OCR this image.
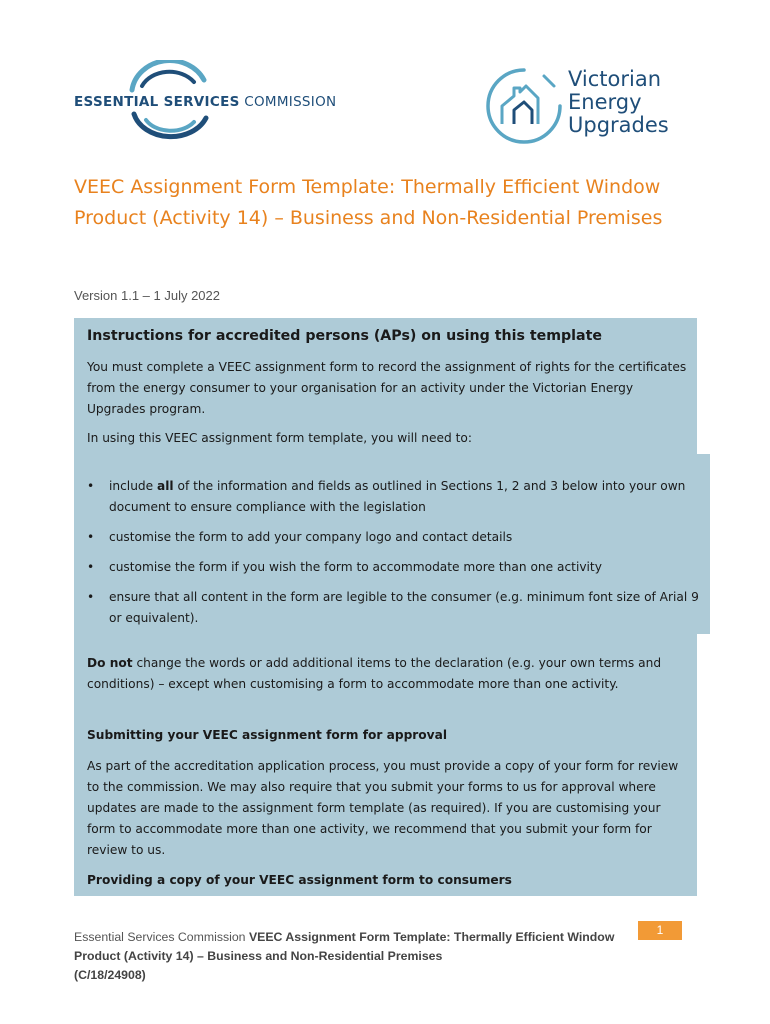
ESSENTIAL SERVICES COMMISSION
Victorian
Energy
Upgrades
VEEC Assignment Form Template: Thermally Efficient Window Product (Activity 14) – Business and Non-Residential Premises
Version 1.1 – 1 July 2022
Instructions for accredited persons (APs) on using this template
You must complete a VEEC assignment form to record the assignment of rights for the certificates from the energy consumer to your organisation for an activity under the Victorian Energy Upgrades program.
In using this VEEC assignment form template, you will need to:
• include all of the information and fields as outlined in Sections 1, 2 and 3 below into your own document to ensure compliance with the legislation
• customise the form to add your company logo and contact details
• customise the form if you wish the form to accommodate more than one activity
• ensure that all content in the form are legible to the consumer (e.g. minimum font size of Arial 9 or equivalent).
Do not change the words or add additional items to the declaration (e.g. your own terms and conditions) – except when customising a form to accommodate more than one activity.
Submitting your VEEC assignment form for approval
As part of the accreditation application process, you must provide a copy of your form for review to the commission. We may also require that you submit your forms to us for approval where updates are made to the assignment form template (as required). If you are customising your form to accommodate more than one activity, we recommend that you submit your form for review to us.
Providing a copy of your VEEC assignment form to consumers
Essential Services Commission VEEC Assignment Form Template: Thermally Efficient Window Product (Activity 14) – Business and Non-Residential Premises
(C/18/24908)
1
